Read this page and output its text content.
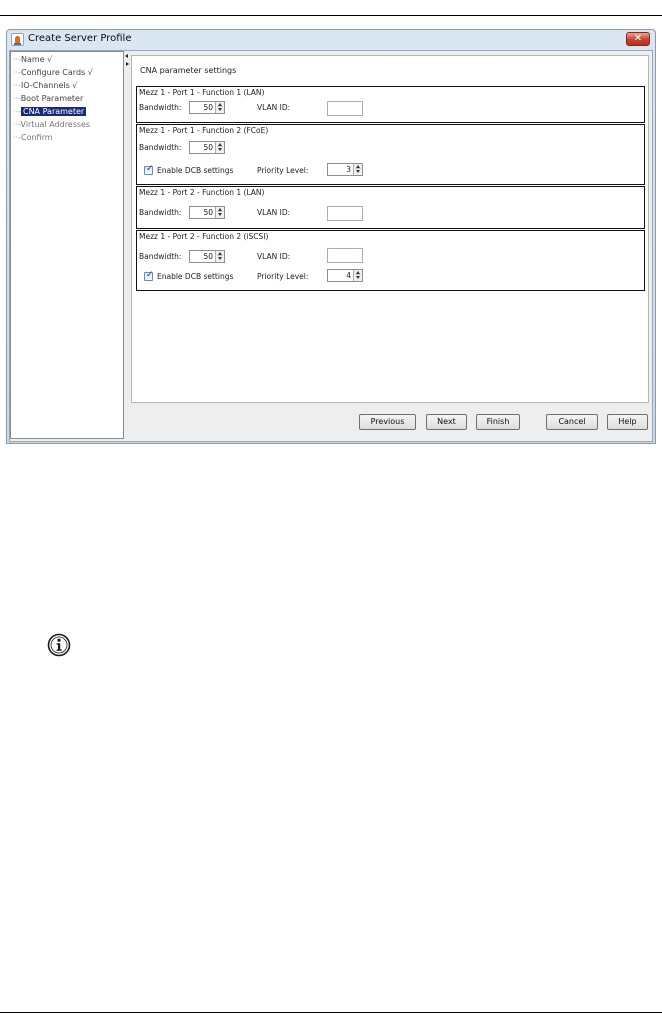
Create Server Profile	✕
··-Name √
··-Configure Cards √
··-IO-Channels √
··-Boot Parameter
··- CNA Parameter
··-Virtual Addresses
··-Confirm
CNA parameter settings
Mezz 1 - Port 1 - Function 1 (LAN)
Bandwidth:	50	VLAN ID:
Mezz 1 - Port 1 - Function 2 (FCoE)
Bandwidth:	50
✓ Enable DCB settings	Priority Level:	3
Mezz 1 - Port 2 - Function 1 (LAN)
Bandwidth:	50	VLAN ID:
Mezz 1 - Port 2 - Function 2 (iSCSI)
Bandwidth:	50	VLAN ID:
✓ Enable DCB settings	Priority Level:	4
Previous	Next	Finish	Cancel	Help
